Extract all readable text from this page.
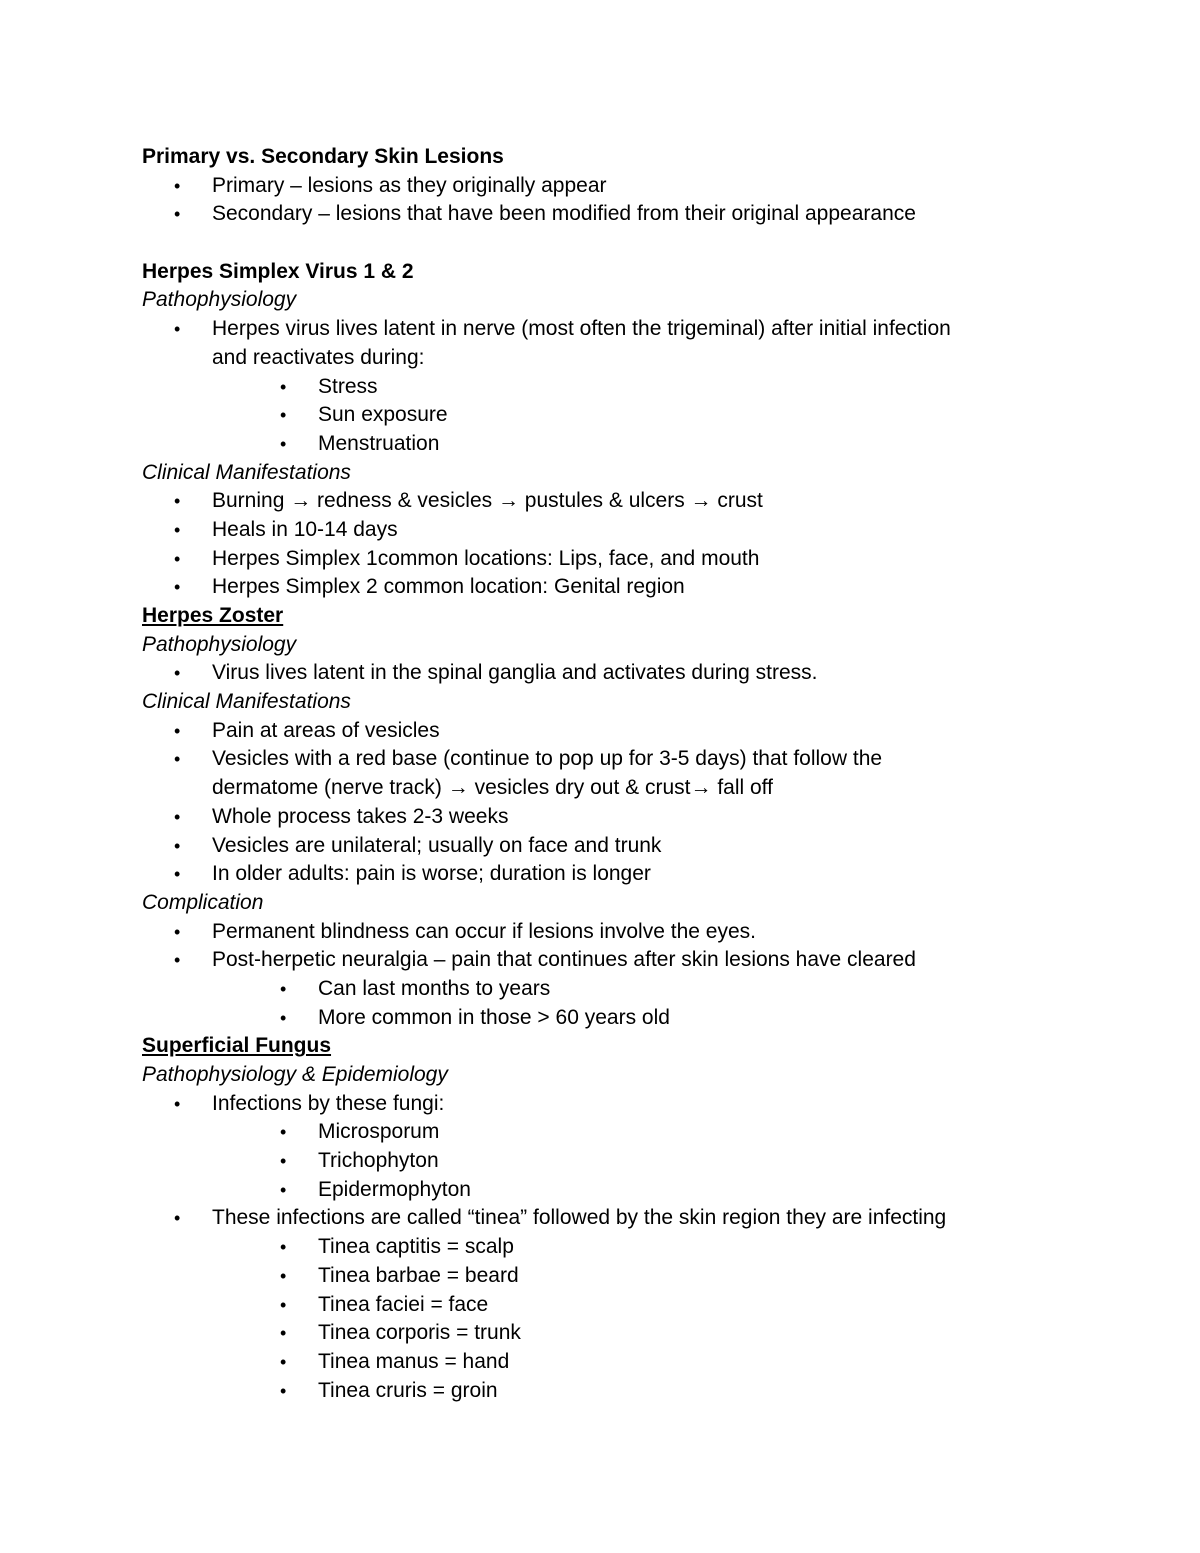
Primary vs. Secondary Skin Lesions
• Primary – lesions as they originally appear
• Secondary – lesions that have been modified from their original appearance
Herpes Simplex Virus 1 & 2
Pathophysiology
• Herpes virus lives latent in nerve (most often the trigeminal) after initial infection
and reactivates during:
• Stress
• Sun exposure
• Menstruation
Clinical Manifestations
• Burning → redness & vesicles → pustules & ulcers → crust
• Heals in 10-14 days
• Herpes Simplex 1common locations: Lips, face, and mouth
• Herpes Simplex 2 common location: Genital region
Herpes Zoster
Pathophysiology
• Virus lives latent in the spinal ganglia and activates during stress.
Clinical Manifestations
• Pain at areas of vesicles
• Vesicles with a red base (continue to pop up for 3-5 days) that follow the
dermatome (nerve track) → vesicles dry out & crust→ fall off
• Whole process takes 2-3 weeks
• Vesicles are unilateral; usually on face and trunk
• In older adults: pain is worse; duration is longer
Complication
• Permanent blindness can occur if lesions involve the eyes.
• Post-herpetic neuralgia – pain that continues after skin lesions have cleared
• Can last months to years
• More common in those > 60 years old
Superficial Fungus
Pathophysiology & Epidemiology
• Infections by these fungi:
• Microsporum
• Trichophyton
• Epidermophyton
• These infections are called “tinea” followed by the skin region they are infecting
• Tinea captitis = scalp
• Tinea barbae = beard
• Tinea faciei = face
• Tinea corporis = trunk
• Tinea manus = hand
• Tinea cruris = groin
